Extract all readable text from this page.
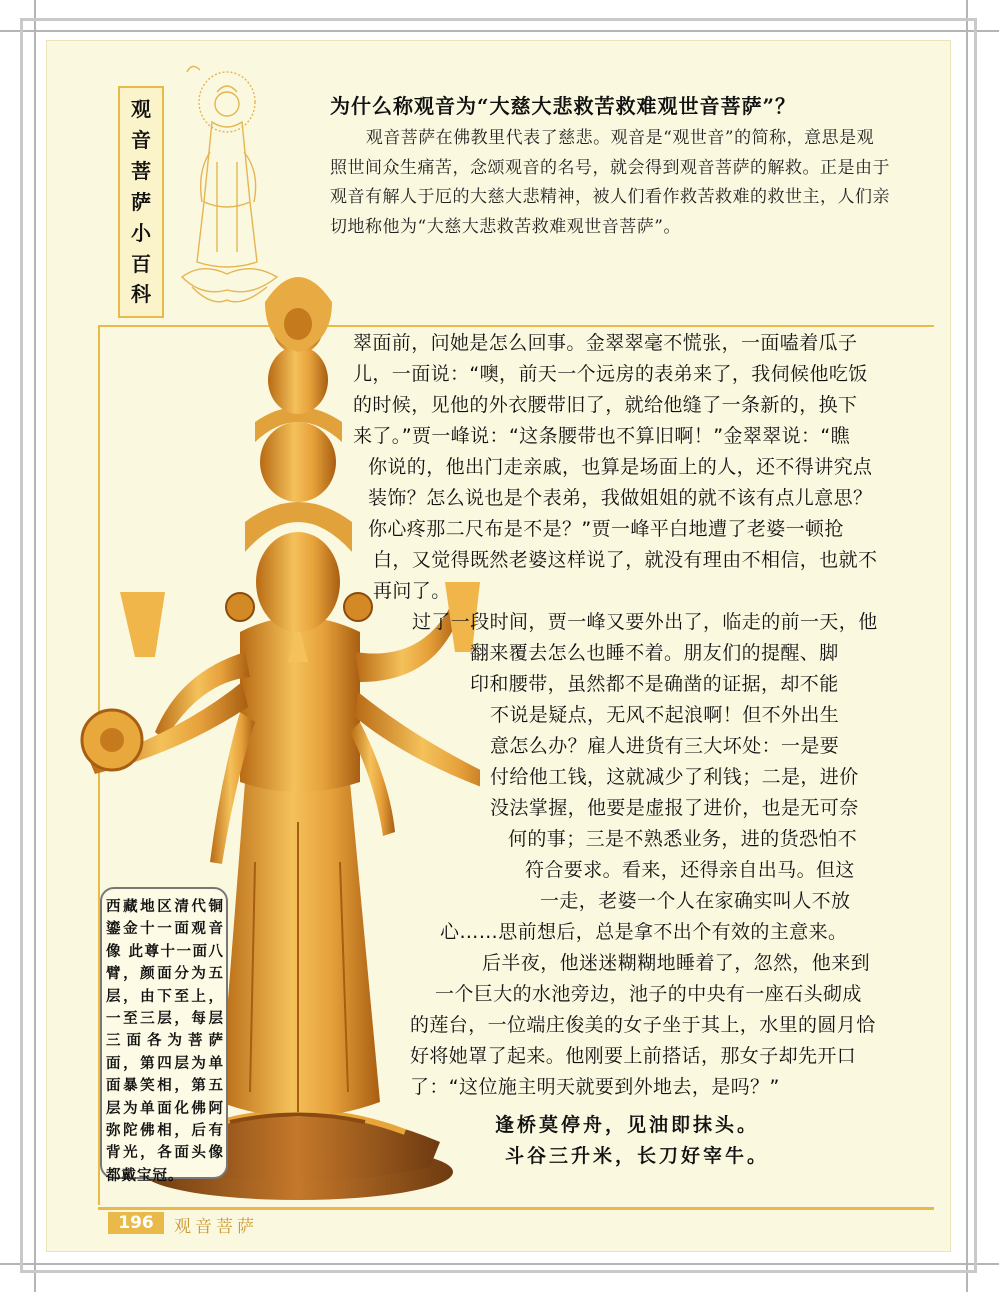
观
音
菩
萨
小
百
科
为什么称观音为“大慈大悲救苦救难观世音菩萨”？
观音菩萨在佛教里代表了慈悲。观音是“观世音”的简称，意思是观照世间众生痛苦，念颂观音的名号，就会得到观音菩萨的解救。正是由于观音有解人于厄的大慈大悲精神，被人们看作救苦救难的救世主，人们亲切地称他为“大慈大悲救苦救难观世音菩萨”。
翠面前，问她是怎么回事。金翠翠毫不慌张，一面嗑着瓜子
儿，一面说：“噢，前天一个远房的表弟来了，我伺候他吃饭
的时候，见他的外衣腰带旧了，就给他缝了一条新的，换下
来了。”贾一峰说：“这条腰带也不算旧啊！”金翠翠说：“瞧
你说的，他出门走亲戚，也算是场面上的人，还不得讲究点
装饰？怎么说也是个表弟，我做姐姐的就不该有点儿意思？
你心疼那二尺布是不是？”贾一峰平白地遭了老婆一顿抢
白，又觉得既然老婆这样说了，就没有理由不相信，也就不
再问了。
过了一段时间，贾一峰又要外出了，临走的前一天，他
翻来覆去怎么也睡不着。朋友们的提醒、脚
印和腰带，虽然都不是确凿的证据，却不能
不说是疑点，无风不起浪啊！但不外出生
意怎么办？雇人进货有三大坏处：一是要
付给他工钱，这就减少了利钱；二是，进价
没法掌握，他要是虚报了进价，也是无可奈
何的事；三是不熟悉业务，进的货恐怕不
符合要求。看来，还得亲自出马。但这
一走，老婆一个人在家确实叫人不放
心……思前想后，总是拿不出个有效的主意来。
后半夜，他迷迷糊糊地睡着了，忽然，他来到
一个巨大的水池旁边，池子的中央有一座石头砌成
的莲台，一位端庄俊美的女子坐于其上，水里的圆月恰
好将她罩了起来。他刚要上前搭话，那女子却先开口
了：“这位施主明天就要到外地去，是吗？”
西藏地区清代铜鎏金十一面观音像 此尊十一面八臂，颜面分为五层，由下至上，一至三层，每层三面各为菩萨面，第四层为单面暴笑相，第五层为单面化佛阿弥陀佛相，后有背光，各面头像都戴宝冠。
逢桥莫停舟，见油即抹头。
斗谷三升米，长刀好宰牛。
196	观音菩萨
